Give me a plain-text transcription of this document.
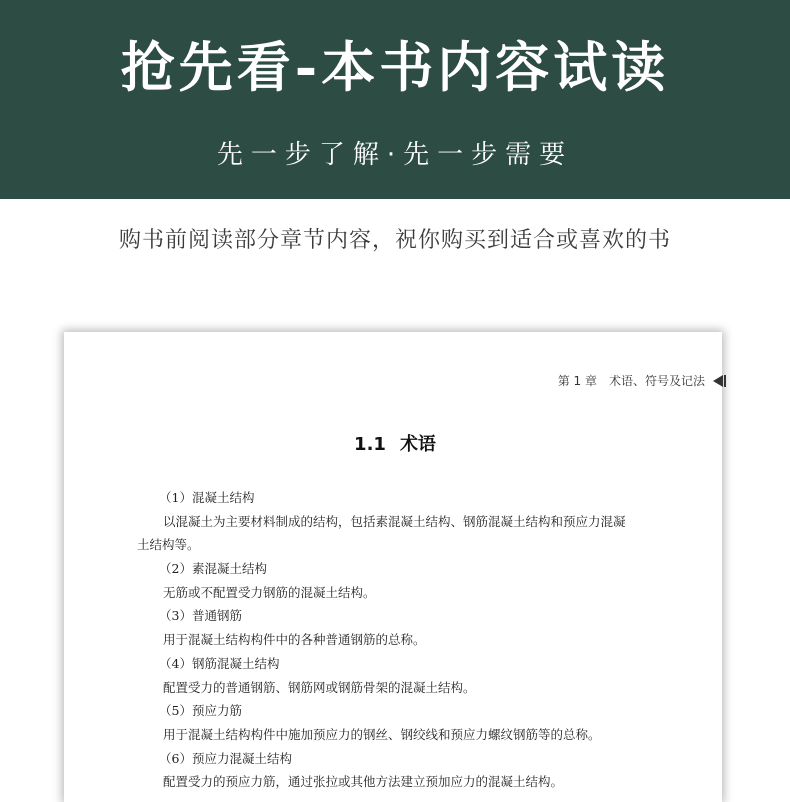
抢先看-本书内容试读
先一步了解·先一步需要
购书前阅读部分章节内容，祝你购买到适合或喜欢的书
第 1 章 术语、符号及记法
1.1 术语
（1）混凝土结构
以混凝土为主要材料制成的结构，包括素混凝土结构、钢筋混凝土结构和预应力混凝
土结构等。
（2）素混凝土结构
无筋或不配置受力钢筋的混凝土结构。
（3）普通钢筋
用于混凝土结构构件中的各种普通钢筋的总称。
（4）钢筋混凝土结构
配置受力的普通钢筋、钢筋网或钢筋骨架的混凝土结构。
（5）预应力筋
用于混凝土结构构件中施加预应力的钢丝、钢绞线和预应力螺纹钢筋等的总称。
（6）预应力混凝土结构
配置受力的预应力筋，通过张拉或其他方法建立预加应力的混凝土结构。
